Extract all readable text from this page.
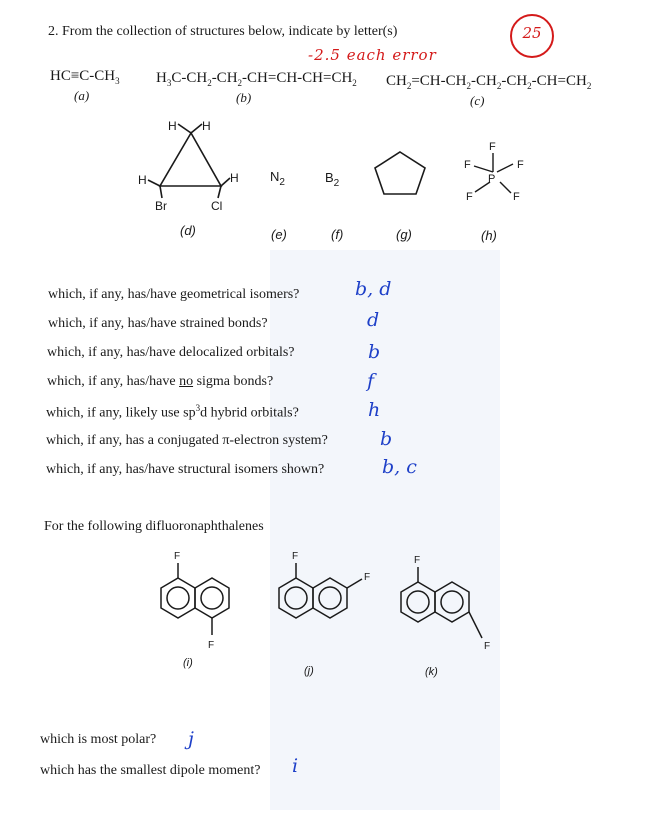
2. From the collection of structures below, indicate by letter(s)	25
-2.5 each error
$HC\equiv C-CH_3$
(a)
$H_3C-CH_2-CH_2-CH=CH-CH=CH_2$
(b)
$CH_2=CH-CH_2-CH_2-CH_2-CH=CH_2$
(c)
H H
H	H
Br	Cl
F
F	F
P
F	F
$N_2$	$B_2$
F
F
F
F
F
F
(d)	(e)	(f)	(g)	(h)
which, if any, has/have geometrical isomers?	b, d
which, if any, has/have strained bonds?	d
which, if any, has/have delocalized orbitals?	b
which, if any, has/have no sigma bonds?	f
which, if any, likely use $sp^3d$ hybrid orbitals?	h
which, if any, has a conjugated π-electron system?	b
which, if any, has/have structural isomers shown?	b, c
For the following difluoronaphthalenes
(i)
(j)	(k)
which is most polar? j
which has the smallest dipole moment? i
